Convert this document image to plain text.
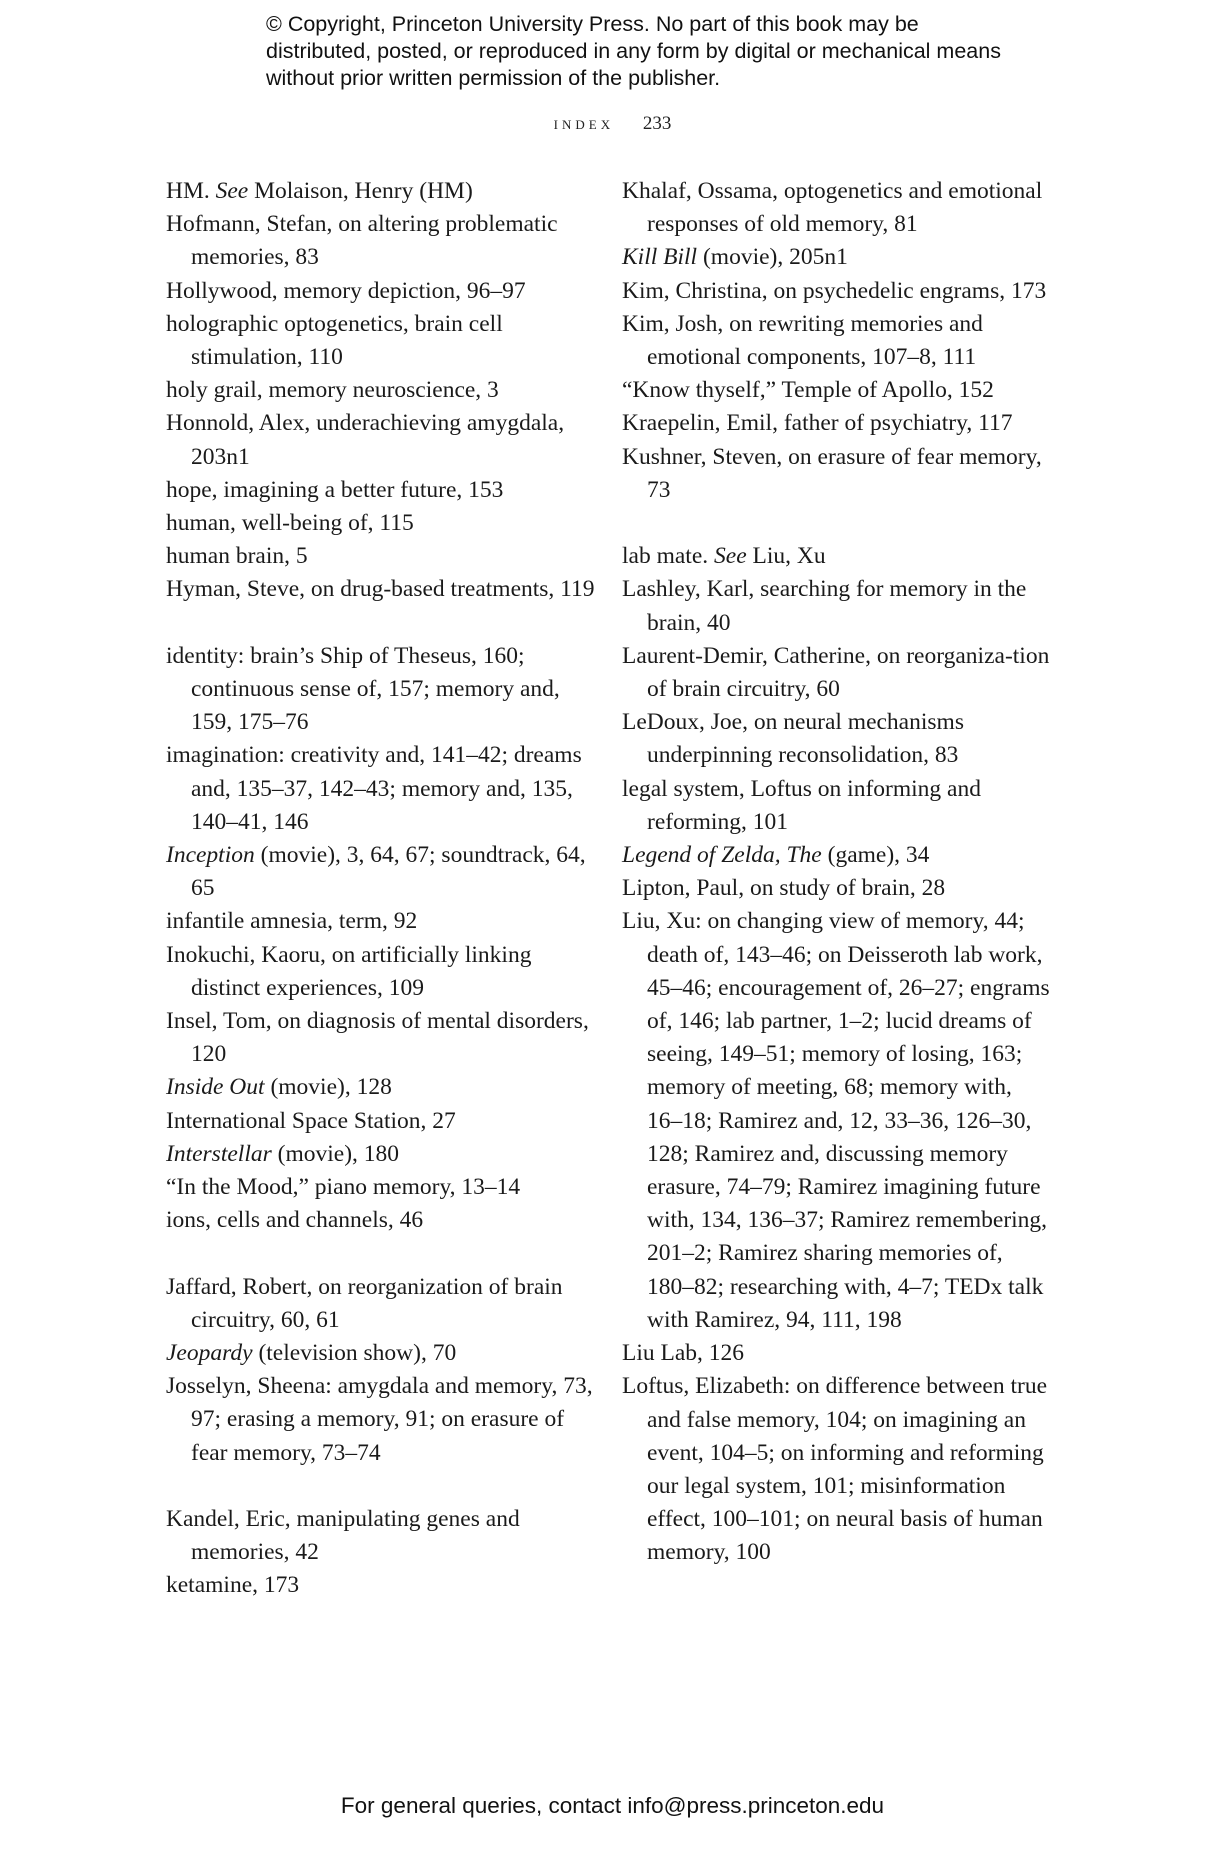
© Copyright, Princeton University Press. No part of this book may be distributed, posted, or reproduced in any form by digital or mechanical means without prior written permission of the publisher.
index 233
HM. See Molaison, Henry (HM)
Hofmann, Stefan, on altering problematic memories, 83
Hollywood, memory depiction, 96–97
holographic optogenetics, brain cell stimulation, 110
holy grail, memory neuroscience, 3
Honnold, Alex, underachieving amygdala, 203n1
hope, imagining a better future, 153
human, well-being of, 115
human brain, 5
Hyman, Steve, on drug-based treatments, 119
identity: brain’s Ship of Theseus, 160; continuous sense of, 157; memory and, 159, 175–76
imagination: creativity and, 141–42; dreams and, 135–37, 142–43; memory and, 135, 140–41, 146
Inception (movie), 3, 64, 67; soundtrack, 64, 65
infantile amnesia, term, 92
Inokuchi, Kaoru, on artificially linking distinct experiences, 109
Insel, Tom, on diagnosis of mental disorders, 120
Inside Out (movie), 128
International Space Station, 27
Interstellar (movie), 180
“In the Mood,” piano memory, 13–14
ions, cells and channels, 46
Jaffard, Robert, on reorganization of brain circuitry, 60, 61
Jeopardy (television show), 70
Josselyn, Sheena: amygdala and memory, 73, 97; erasing a memory, 91; on erasure of fear memory, 73–74
Kandel, Eric, manipulating genes and memories, 42
ketamine, 173
Khalaf, Ossama, optogenetics and emotional responses of old memory, 81
Kill Bill (movie), 205n1
Kim, Christina, on psychedelic engrams, 173
Kim, Josh, on rewriting memories and emotional components, 107–8, 111
“Know thyself,” Temple of Apollo, 152
Kraepelin, Emil, father of psychiatry, 117
Kushner, Steven, on erasure of fear memory, 73
lab mate. See Liu, Xu
Lashley, Karl, searching for memory in the brain, 40
Laurent-Demir, Catherine, on reorganiza-tion of brain circuitry, 60
LeDoux, Joe, on neural mechanisms underpinning reconsolidation, 83
legal system, Loftus on informing and reforming, 101
Legend of Zelda, The (game), 34
Lipton, Paul, on study of brain, 28
Liu, Xu: on changing view of memory, 44; death of, 143–46; on Deisseroth lab work, 45–46; encouragement of, 26–27; engrams of, 146; lab partner, 1–2; lucid dreams of seeing, 149–51; memory of losing, 163; memory of meeting, 68; memory with, 16–18; Ramirez and, 12, 33–36, 126–30, 128; Ramirez and, discussing memory erasure, 74–79; Ramirez imagining future with, 134, 136–37; Ramirez remembering, 201–2; Ramirez sharing memories of, 180–82; researching with, 4–7; TEDx talk with Ramirez, 94, 111, 198
Liu Lab, 126
Loftus, Elizabeth: on difference between true and false memory, 104; on imagining an event, 104–5; on informing and reforming our legal system, 101; misinformation effect, 100–101; on neural basis of human memory, 100
For general queries, contact info@press.princeton.edu
